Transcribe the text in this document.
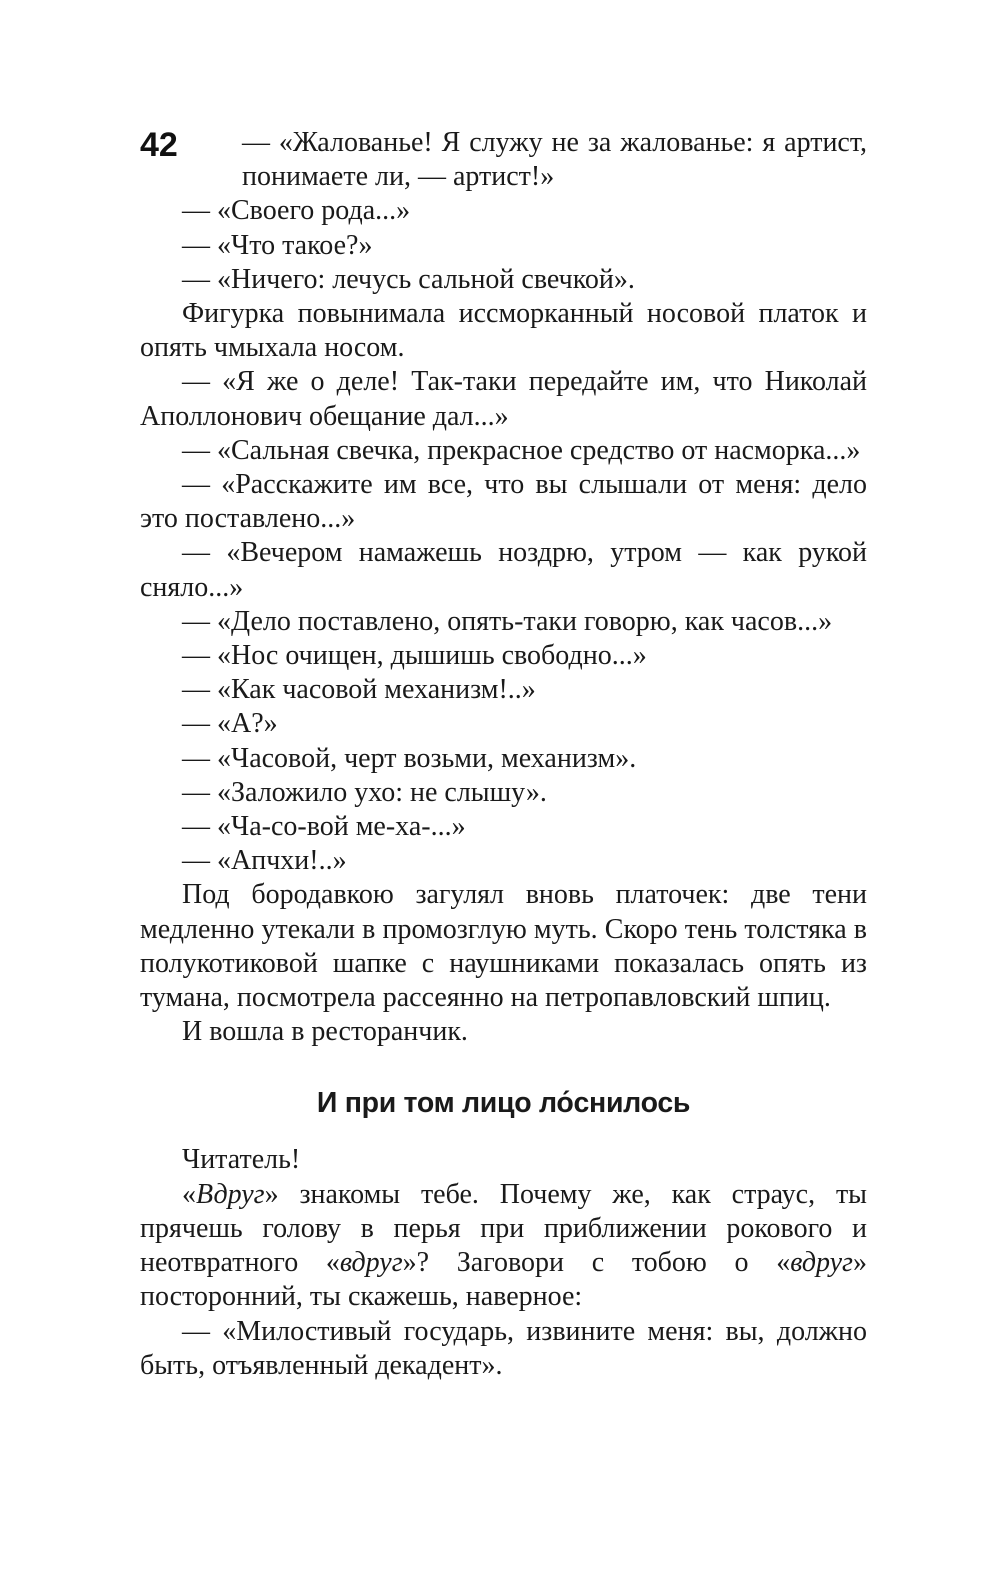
42	— «Жалованье! Я служу не за жалованье: я артист, понимаете ли, — артист!»

— «Своего рода...»

— «Что такое?»

— «Ничего: лечусь сальной свечкой».

Фигурка повынимала иссморканный носовой платок и опять чмыхала носом.

— «Я же о деле! Так-таки передайте им, что Николай Аполлонович обещание дал...»

— «Сальная свечка, прекрасное средство от насморка...»

— «Расскажите им все, что вы слышали от меня: дело это поставлено...»

— «Вечером намажешь ноздрю, утром — как рукой сняло...»

— «Дело поставлено, опять-таки говорю, как часов...»

— «Нос очищен, дышишь свободно...»

— «Как часовой механизм!..»

— «А?»

— «Часовой, черт возьми, механизм».

— «Заложило ухо: не слышу».

— «Ча-со-вой ме-ха-...»

— «Апчхи!..»

Под бородавкою загулял вновь платочек: две тени медленно утекали в промозглую муть. Скоро тень толстяка в полукотиковой шапке с наушниками показалась опять из тумана, посмотрела рассеянно на петропавловский шпиц.

И вошла в ресторанчик.

И при том лицо лоснилось

Читатель!

«Вдруг» знакомы тебе. Почему же, как страус, ты прячешь голову в перья при приближении рокового и неотвратного «вдруг»? Заговори с тобою о «вдруг» посторонний, ты скажешь, наверное:

— «Милостивый государь, извините меня: вы, должно быть, отъявленный декадент».
